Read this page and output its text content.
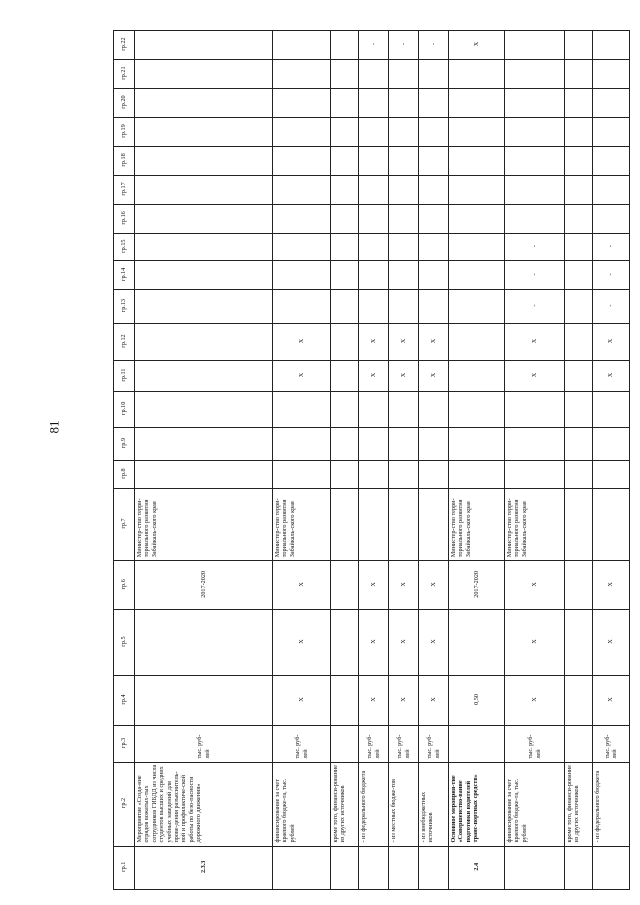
81
гр.1	гр.2	гр.3	гр.4	гр.5	гр.6	гр.7	гр.8	гр.9	гр.10	гр.11	гр.12	гр.13	гр.14	гр.15	гр.16	гр.17	гр.18	гр.19	гр.20	гр.21	гр.22
2.3.3	Мероприятие «Созда-ние отрядов вожатых-тых сотрудников ГИБДД из числа студентов высших и средних учебных заведений для прове-дения разъяснитель-ной и профилактиче-ской работы по безо-пасности дорожного движения»	тыс. руб-лей			2017-2020	Министер-ство терри-ториального развития Забайкаль-ского края															
	финансирование за счет краевого бюдже-та, тыс. рублей	тыс. руб-лей	X	X	X	Министер-ство терри-ториального развития Забайкаль-ского края				X	X										
	кроме того, финанси-рование из других источников																				
	- из федерального бюджета	тыс. руб-лей	X	X	X					X	X										-
	- из местных бюдже-тов	тыс. руб-лей	X	X	X					X	X										-
	- из внебюджетных источников	тыс. руб-лей	X	X	X					X	X										-
2.4	Основное мероприя-тие «Совершенство-вание подготовки водителей транс-портных средств»		0,50		2017-2020	Министер-ство терри-ториального развития Забайкаль-ского края															X
	финансирование за счет краевого бюдже-та, тыс. рублей	тыс. руб-лей	X	X	X	Министер-ство терри-ториального развития Забайкаль-ского края				X	X	-	-	-							
	кроме того, финанси-рование из других источников																				
	- из федерального бюджета	тыс. руб-лей	X	X	X					X	X	-	-	-							
